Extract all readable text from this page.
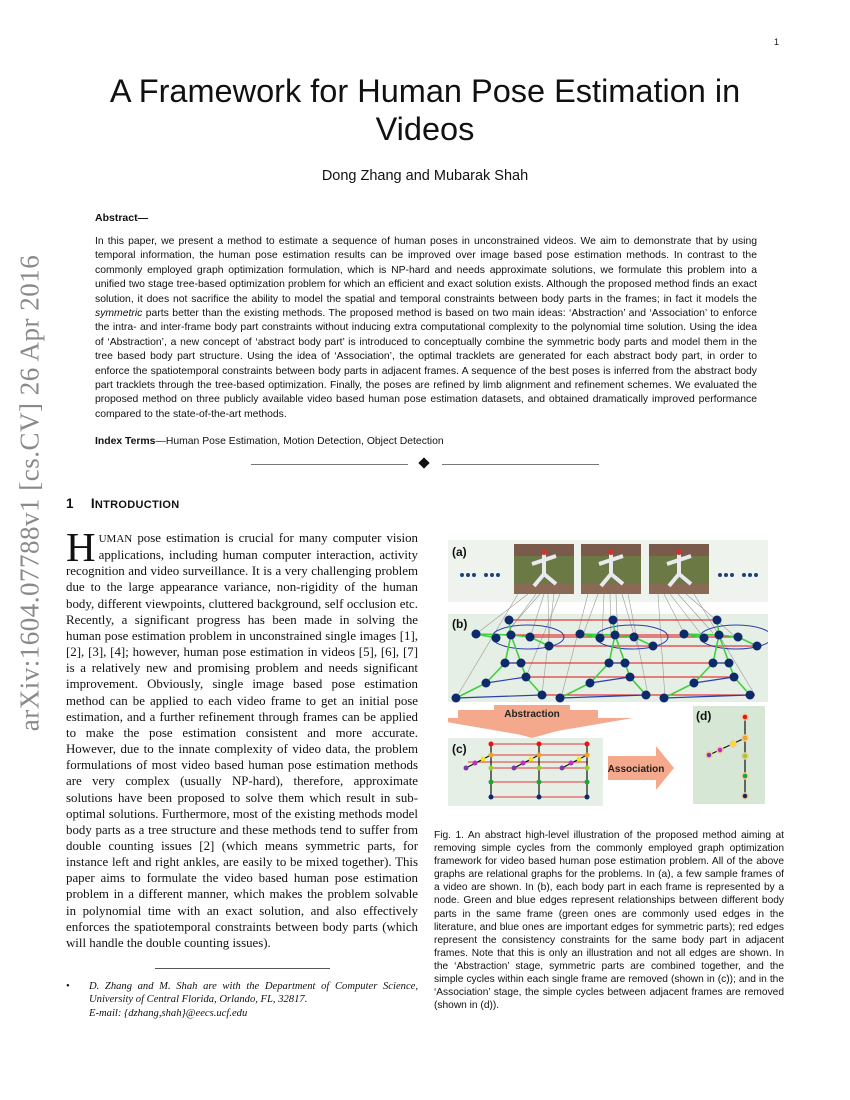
1
arXiv:1604.07788v1 [cs.CV] 26 Apr 2016
A Framework for Human Pose Estimation in Videos
Dong Zhang and Mubarak Shah
Abstract—
In this paper, we present a method to estimate a sequence of human poses in unconstrained videos. We aim to demonstrate that by using temporal information, the human pose estimation results can be improved over image based pose estimation methods. In contrast to the commonly employed graph optimization formulation, which is NP-hard and needs approximate solutions, we formulate this problem into a unified two stage tree-based optimization problem for which an efficient and exact solution exists. Although the proposed method finds an exact solution, it does not sacrifice the ability to model the spatial and temporal constraints between body parts in the frames; in fact it models the symmetric parts better than the existing methods. The proposed method is based on two main ideas: ‘Abstraction’ and ‘Association’ to enforce the intra- and inter-frame body part constraints without inducing extra computational complexity to the polynomial time solution. Using the idea of ‘Abstraction’, a new concept of ‘abstract body part’ is introduced to conceptually combine the symmetric body parts and model them in the tree based body part structure. Using the idea of ‘Association’, the optimal tracklets are generated for each abstract body part, in order to enforce the spatiotemporal constraints between body parts in adjacent frames. A sequence of the best poses is inferred from the abstract body part tracklets through the tree-based optimization. Finally, the poses are refined by limb alignment and refinement schemes. We evaluated the proposed method on three publicly available video based human pose estimation datasets, and obtained dramatically improved performance compared to the state-of-the-art methods.
Index Terms—Human Pose Estimation, Motion Detection, Object Detection
1 INTRODUCTION
HUMAN pose estimation is crucial for many computer vision applications, including human computer interaction, activity recognition and video surveillance. It is a very challenging problem due to the large appearance variance, non-rigidity of the human body, different viewpoints, cluttered background, self occlusion etc. Recently, a significant progress has been made in solving the human pose estimation problem in unconstrained single images [1], [2], [3], [4]; however, human pose estimation in videos [5], [6], [7] is a relatively new and promising problem and needs significant improvement. Obviously, single image based pose estimation method can be applied to each video frame to get an initial pose estimation, and a further refinement through frames can be applied to make the pose estimation consistent and more accurate. However, due to the innate complexity of video data, the problem formulations of most video based human pose estimation methods are very complex (usually NP-hard), therefore, approximate solutions have been proposed to solve them which result in sub-optimal solutions. Furthermore, most of the existing methods model body parts as a tree structure and these methods tend to suffer from double counting issues [2] (which means symmetric parts, for instance left and right ankles, are easily to be mixed together). This paper aims to formulate the video based human pose estimation problem in a different manner, which makes the problem solvable in polynomial time with an exact solution, and also effectively enforces the spatiotemporal constraints between body parts (which will handle the double counting issues).
• D. Zhang and M. Shah are with the Department of Computer Science, University of Central Florida, Orlando, FL, 32817.
E-mail: {dzhang,shah}@eecs.ucf.edu
(a)
(b)
Abstraction
(c)
Association
(d)
Fig. 1. An abstract high-level illustration of the proposed method aiming at removing simple cycles from the commonly employed graph optimization framework for video based human pose estimation problem. All of the above graphs are relational graphs for the problems. In (a), a few sample frames of a video are shown. In (b), each body part in each frame is represented by a node. Green and blue edges represent relationships between different body parts in the same frame (green ones are commonly used edges in the literature, and blue ones are important edges for symmetric parts); red edges represent the consistency constraints for the same body part in adjacent frames. Note that this is only an illustration and not all edges are shown. In the ‘Abstraction’ stage, symmetric parts are combined together, and the simple cycles within each single frame are removed (shown in (c)); and in the ‘Association’ stage, the simple cycles between adjacent frames are removed (shown in (d)).
